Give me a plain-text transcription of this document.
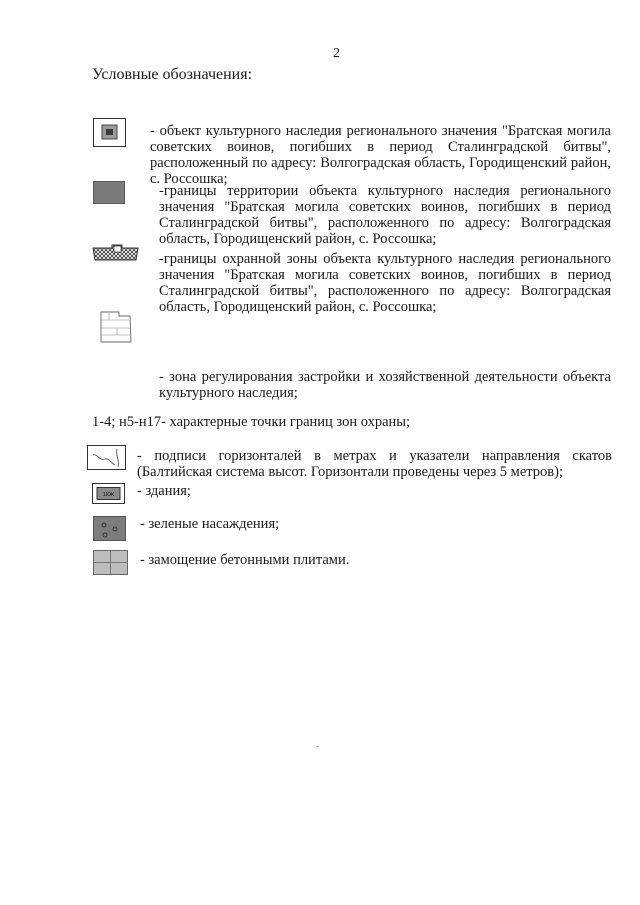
2
Условные обозначения:
- объект культурного наследия регионального значения "Братская могила советских воинов, погибших в период Сталинградской битвы", расположенный по адресу: Волгоградская область, Городищенский район, с. Россошка;
-границы территории объекта культурного наследия регионального значения "Братская могила советских воинов, погибших в период Сталинградской битвы", расположенного по адресу: Волгоградская область, Городищенский район, с. Россошка;
-границы охранной зоны объекта культурного наследия регионального значения "Братская могила советских воинов, погибших в период Сталинградской битвы", расположенного по адресу: Волгоградская область, Городищенский район, с. Россошка;
- зона регулирования застройки и хозяйственной деятельности объекта культурного наследия;
1-4; н5-н17- характерные точки границ зон охраны;
- подписи горизонталей в метрах и указатели направления скатов (Балтийская система высот. Горизонтали проведены через 5 метров);
1КЖ - здания;
- зеленые насаждения;
- замощение бетонными плитами.
